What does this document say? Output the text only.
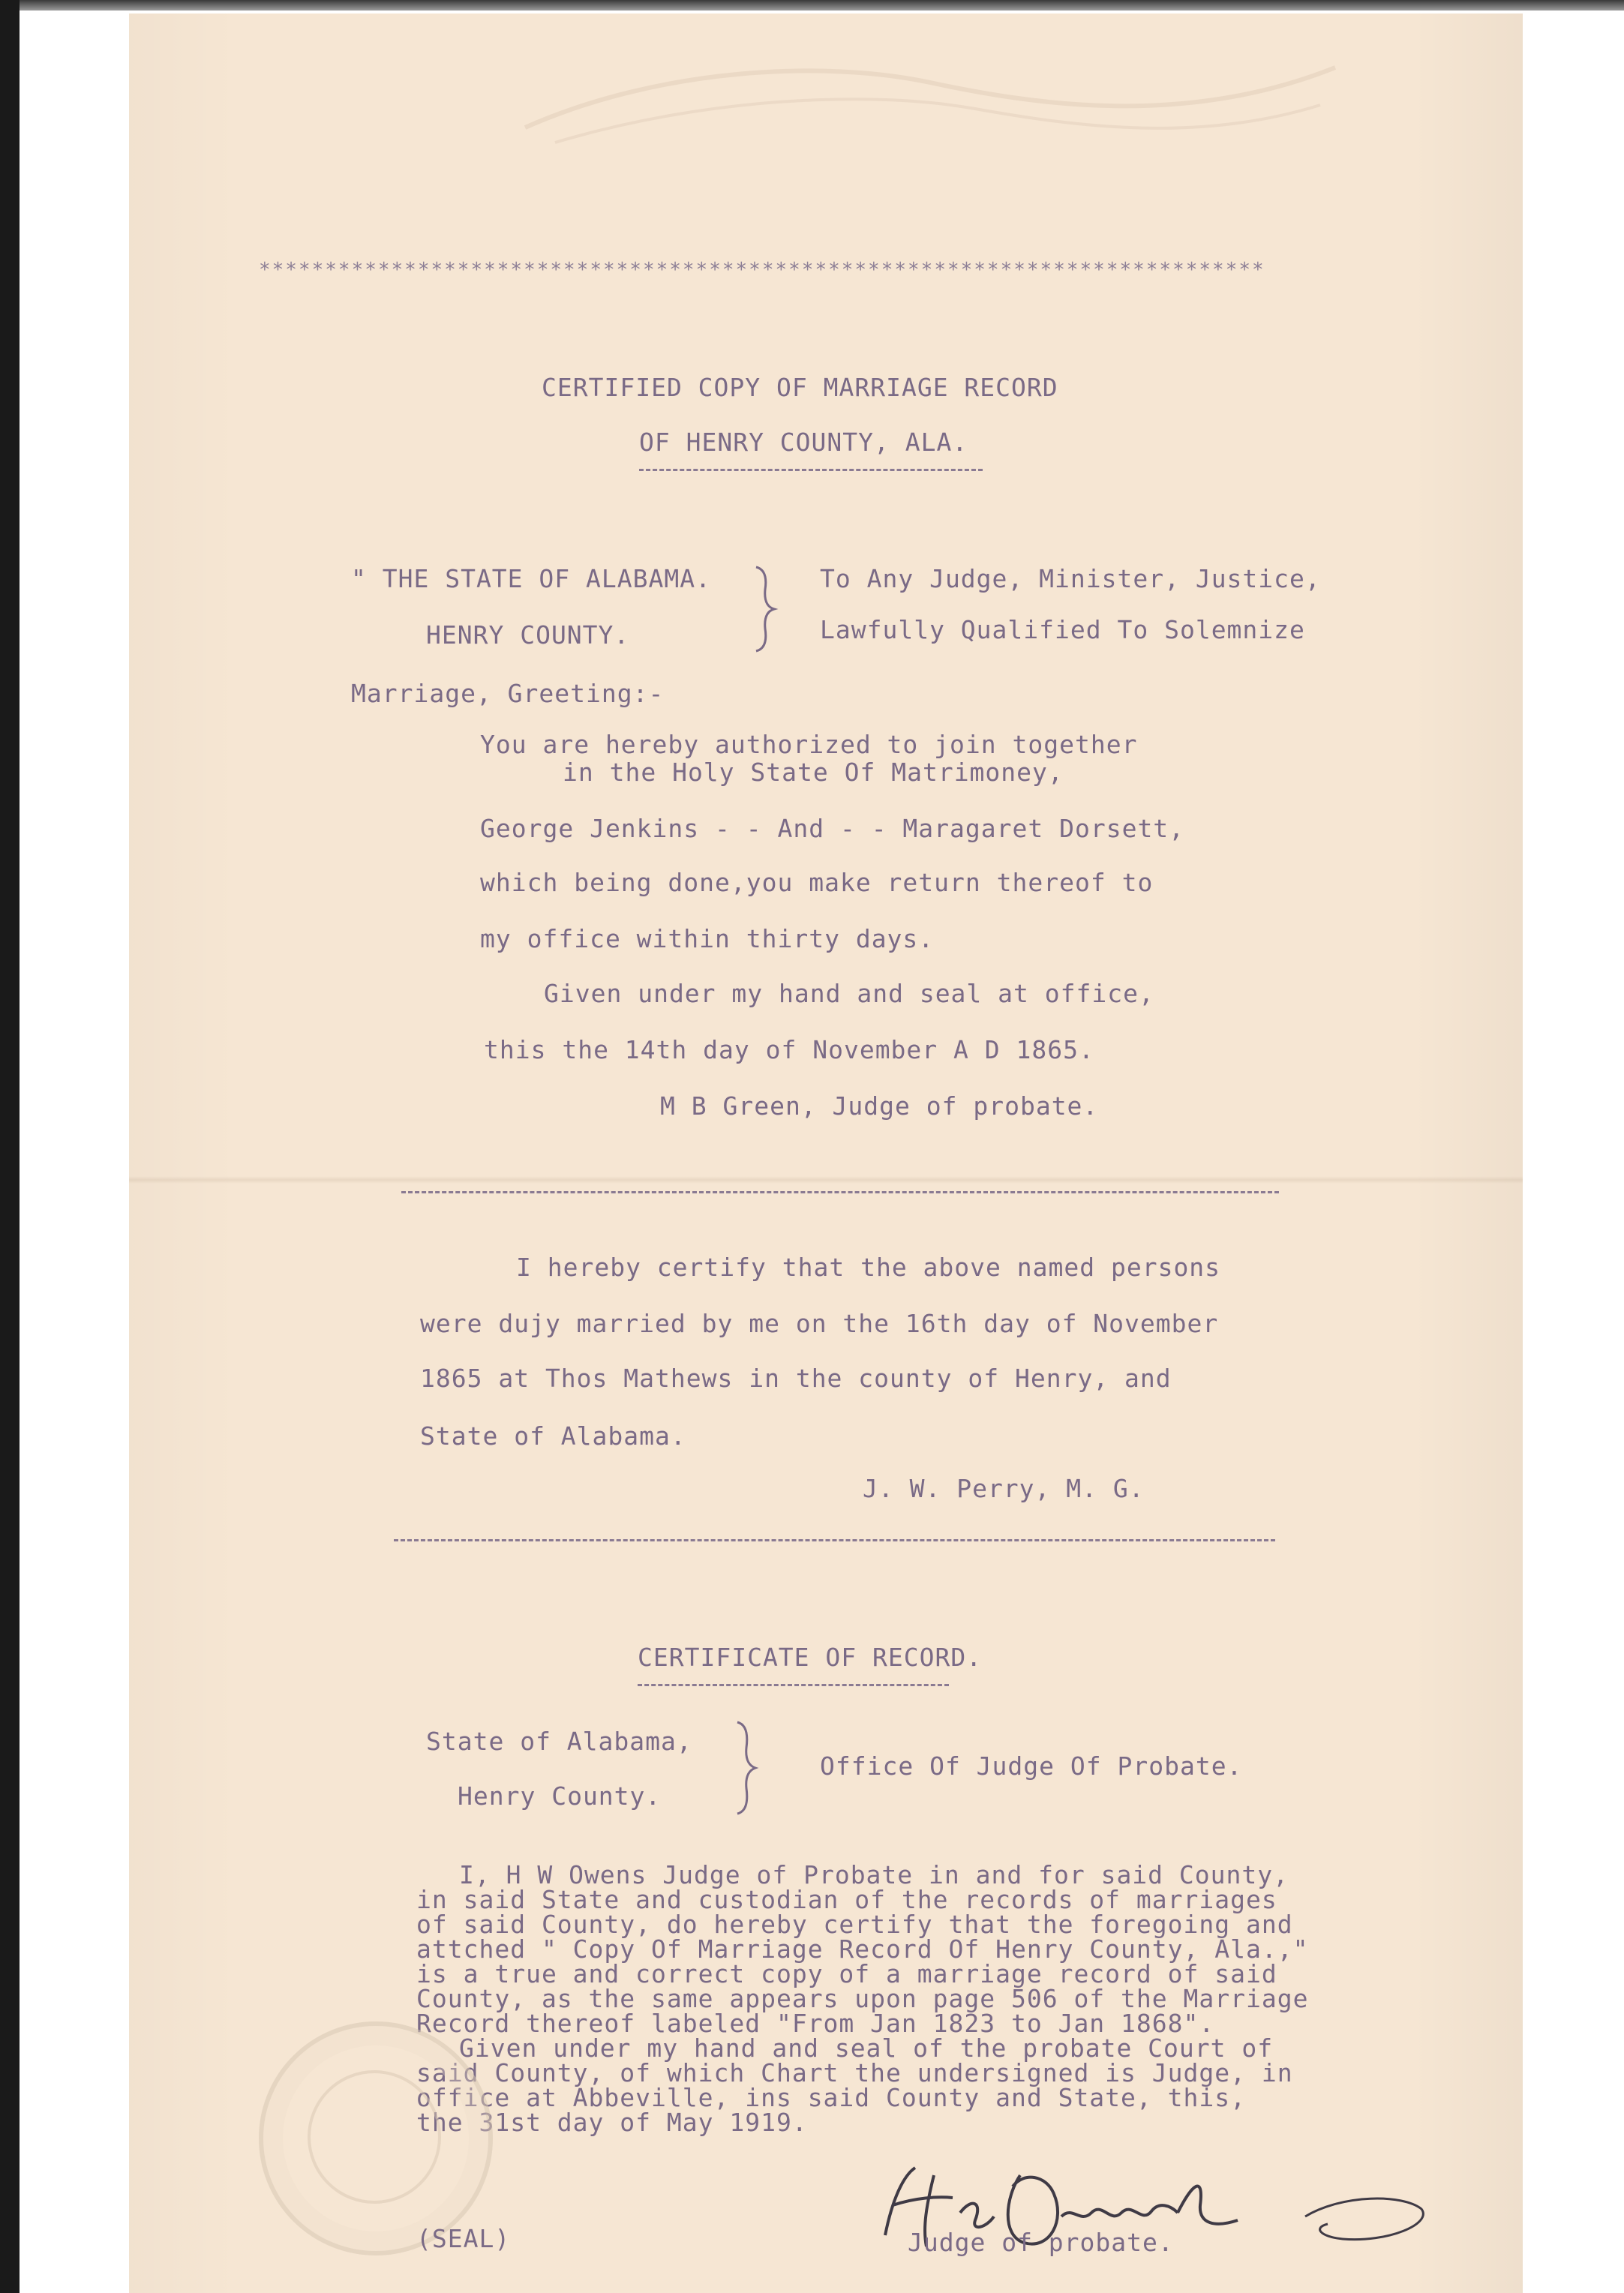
****************************************************************************
CERTIFIED COPY OF MARRIAGE RECORD
OF HENRY COUNTY, ALA.
" THE STATE OF ALABAMA.
HENRY COUNTY.
To Any Judge, Minister, Justice,
Lawfully Qualified To Solemnize
Marriage, Greeting:-
You are hereby authorized to join together
in the Holy State Of Matrimoney,
George Jenkins - - And - - Maragaret Dorsett,
which being done,you make return thereof to
my office within thirty days.
Given under my hand and seal at office,
this the 14th day of November A D 1865.
M B Green, Judge of probate.
I hereby certify that the above named persons
were dujy married by me on the 16th day of November
1865 at Thos Mathews in the county of Henry, and
State of Alabama.
J. W. Perry, M. G.
CERTIFICATE OF RECORD.
State of Alabama,
Henry County.
Office Of Judge Of Probate.
I, H W Owens Judge of Probate in and for said County,
in said State and custodian of the records of marriages
of said County, do hereby certify that the foregoing and
attched " Copy Of Marriage Record Of Henry County, Ala.,"
is a true and correct copy of a marriage record of said
County, as the same appears upon page 506 of the Marriage
Record thereof labeled "From Jan 1823 to Jan 1868".
Given under my hand and seal of the probate Court of
said County, of which Chart the undersigned is Judge, in
office at Abbeville, ins said County and State, this,
the 31st day of May 1919.
(SEAL)	Judge of probate.
